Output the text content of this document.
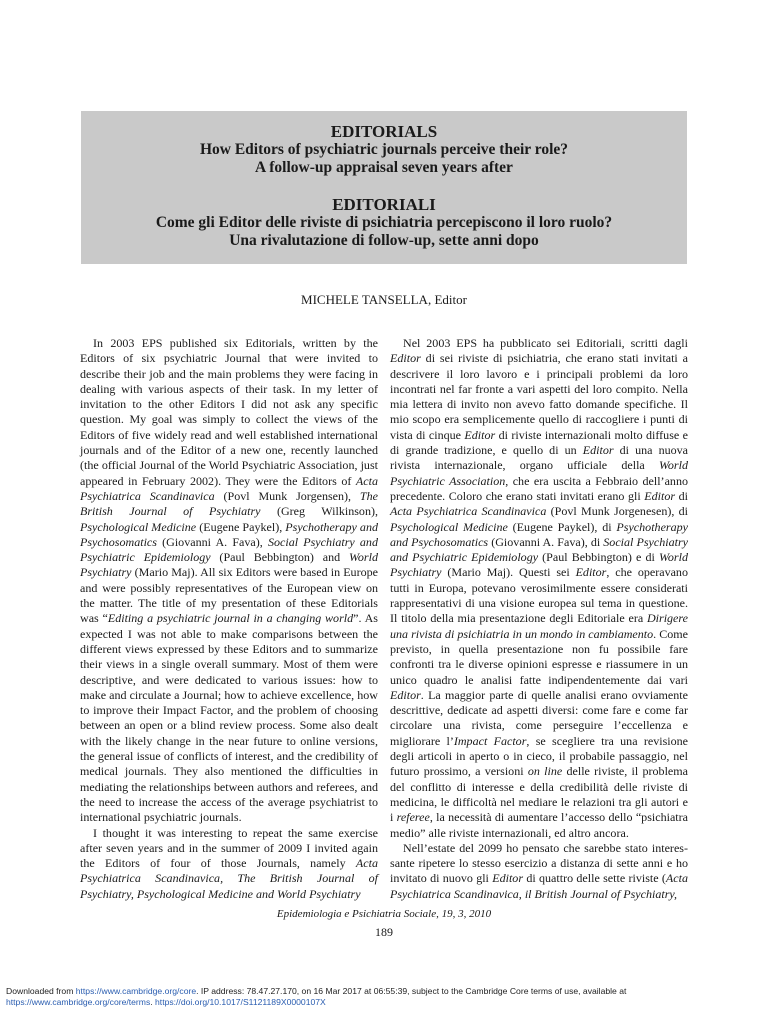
EDITORIALS
How Editors of psychiatric journals perceive their role?
A follow-up appraisal seven years after
EDITORIALI
Come gli Editor delle riviste di psichiatria percepiscono il loro ruolo?
Una rivalutazione di follow-up, sette anni dopo
MICHELE TANSELLA, Editor

In 2003 EPS published six Editorials, written by the Editors of six psychiatric Journal that were invited to describe their job and the main problems they were facing in dealing with various aspects of their task. In my letter of invitation to the other Editors I did not ask any specific question. My goal was simply to collect the views of the Editors of five widely read and well established international journals and of the Editor of a new one, recently launched (the official Journal of the World Psychiatric Association, just appeared in February 2002). They were the Editors of Acta Psychiatrica Scandinavica (Povl Munk Jorgensen), The British Journal of Psychiatry (Greg Wilkinson), Psychological Medicine (Eugene Paykel), Psychotherapy and Psychosomatics (Giovanni A. Fava), Social Psychiatry and Psychiatric Epidemiology (Paul Bebbington) and World Psychiatry (Mario Maj). All six Editors were based in Europe and were possibly representatives of the European view on the matter. The title of my presentation of these Editorials was “Editing a psychiatric journal in a changing world”. As expected I was not able to make comparisons between the different views expressed by these Editors and to summarize their views in a single overall summary. Most of them were descriptive, and were dedicated to various issues: how to make and circulate a Journal; how to achieve excellence, how to improve their Impact Factor, and the problem of choosing between an open or a blind review process. Some also dealt with the likely change in the near future to online versions, the general issue of conflicts of interest, and the credibility of medical journals. They also mentioned the difficulties in mediating the relationships between authors and referees, and the need to increase the access of the average psychiatrist to international psychiatric journals.

I thought it was interesting to repeat the same exercise after seven years and in the summer of 2009 I invited again the Editors of four of those Journals, namely Acta Psychiatrica Scandinavica, The British Journal of Psychiatry, Psychological Medicine and World Psychiatry

Nel 2003 EPS ha pubblicato sei Editoriali, scritti dagli Editor di sei riviste di psichiatria, che erano stati invitati a descrivere il loro lavoro e i principali problemi da loro incontrati nel far fronte a vari aspetti del loro compito. Nella mia lettera di invito non avevo fatto domande specifiche. Il mio scopo era semplicemente quello di raccogliere i punti di vista di cinque Editor di riviste internazionali molto diffuse e di grande tradizione, e quello di un Editor di una nuova rivista internazionale, organo ufficiale della World Psychiatric Association, che era uscita a Febbraio dell’anno precedente. Coloro che erano stati invitati erano gli Editor di Acta Psychiatrica Scandinavica (Povl Munk Jorgenesen), di Psychological Medicine (Eugene Paykel), di Psychotherapy and Psychosomatics (Giovanni A. Fava), di Social Psychiatry and Psychiatric Epidemiology (Paul Bebbington) e di World Psychiatry (Mario Maj). Questi sei Editor, che operavano tutti in Europa, potevano verosimilmente essere considerati rappresentativi di una visione europea sul tema in questione. Il titolo della mia presentazione degli Editoriale era Dirigere una rivista di psichiatria in un mondo in cambiamento. Come previsto, in quella presentazione non fu possibile fare confronti tra le diverse opinioni espresse e riassumere in un unico quadro le analisi fatte indipendentemente dai vari Editor. La maggior parte di quelle analisi erano ovviamente descrittive, dedicate ad aspetti diversi: come fare e come far circolare una rivista, come perseguire l’eccellenza e migliorare l’Impact Factor, se scegliere tra una revisione degli articoli in aperto o in cieco, il probabile passaggio, nel futuro prossimo, a versioni on line delle riviste, il problema del conflitto di interesse e della credibilità delle riviste di medicina, le difficoltà nel mediare le relazioni tra gli autori e i referee, la necessità di aumentare l’accesso dello “psichiatra medio” alle riviste internazionali, ed altro ancora.

Nell’estate del 2099 ho pensato che sarebbe stato interessante ripetere lo stesso esercizio a distanza di sette anni e ho invitato di nuovo gli Editor di quattro delle sette riviste (Acta Psychiatrica Scandinavica, il British Journal of Psychiatry,

Epidemiologia e Psichiatria Sociale, 19, 3, 2010
189
Downloaded from https://www.cambridge.org/core. IP address: 78.47.27.170, on 16 Mar 2017 at 06:55:39, subject to the Cambridge Core terms of use, available at
https://www.cambridge.org/core/terms. https://doi.org/10.1017/S1121189X0000107X
